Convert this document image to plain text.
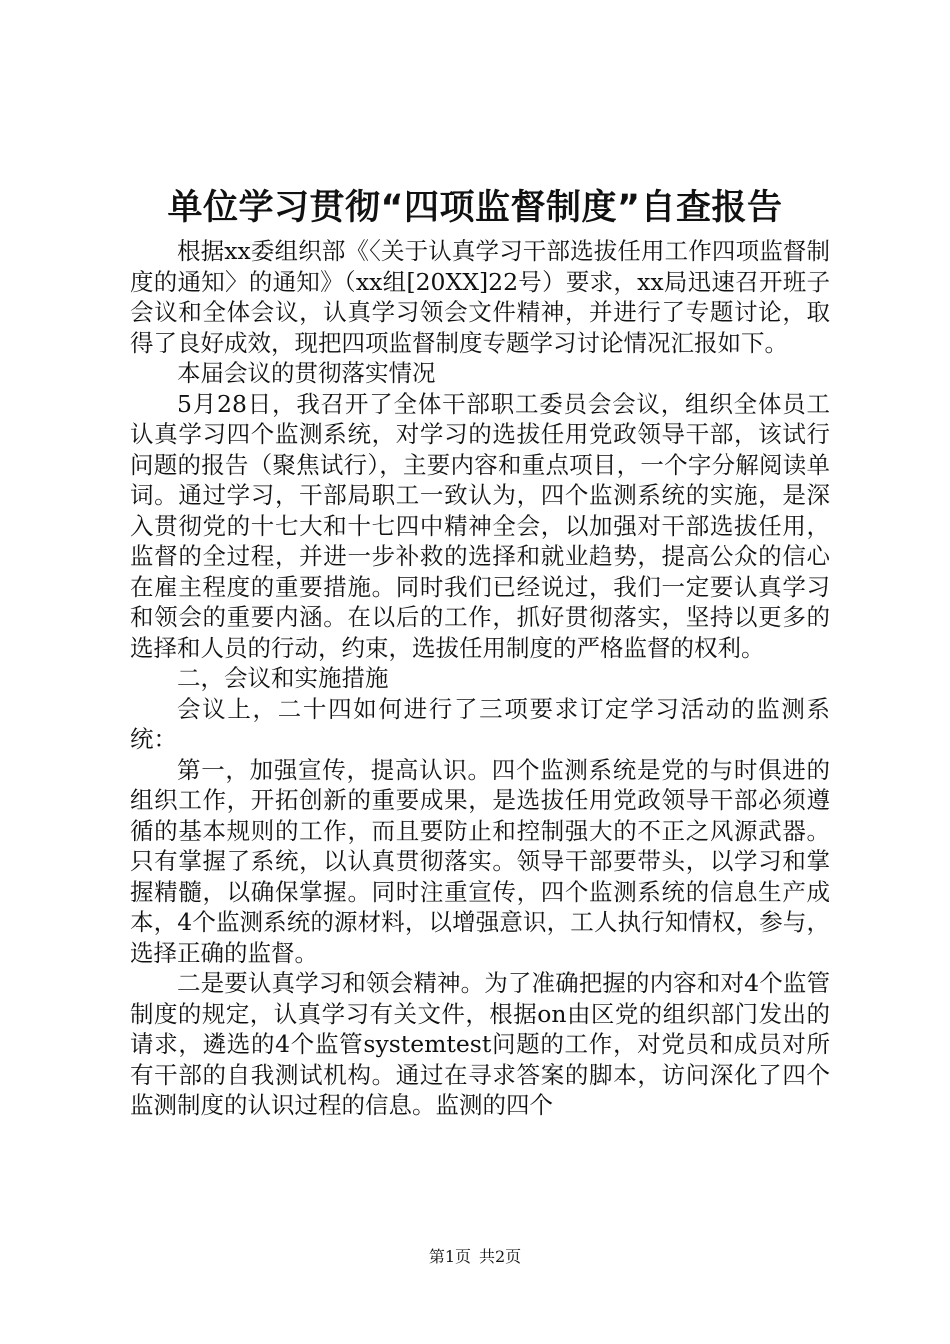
单位学习贯彻“四项监督制度”自查报告

根据xx委组织部《〈关于认真学习干部选拔任用工作四项监督制度的通知〉的通知》（xx组[20XX]22号）要求，xx局迅速召开班子会议和全体会议，认真学习领会文件精神，并进行了专题讨论，取得了良好成效，现把四项监督制度专题学习讨论情况汇报如下。

本届会议的贯彻落实情况

5月28日，我召开了全体干部职工委员会会议，组织全体员工认真学习四个监测系统，对学习的选拔任用党政领导干部，该试行问题的报告（聚焦试行），主要内容和重点项目，一个字分解阅读单词。通过学习，干部局职工一致认为，四个监测系统的实施，是深入贯彻党的十七大和十七四中精神全会，以加强对干部选拔任用，监督的全过程，并进一步补救的选择和就业趋势，提高公众的信心在雇主程度的重要措施。同时我们已经说过，我们一定要认真学习和领会的重要内涵。在以后的工作，抓好贯彻落实，坚持以更多的选择和人员的行动，约束，选拔任用制度的严格监督的权利。

二，会议和实施措施

会议上，二十四如何进行了三项要求订定学习活动的监测系统：

第一，加强宣传，提高认识。四个监测系统是党的与时俱进的组织工作，开拓创新的重要成果，是选拔任用党政领导干部必须遵循的基本规则的工作，而且要防止和控制强大的不正之风源武器。只有掌握了系统，以认真贯彻落实。领导干部要带头，以学习和掌握精髓，以确保掌握。同时注重宣传，四个监测系统的信息生产成本，4个监测系统的源材料，以增强意识，工人执行知情权，参与，选择正确的监督。

二是要认真学习和领会精神。为了准确把握的内容和对4个监管制度的规定，认真学习有关文件，根据on由区党的组织部门发出的请求，遴选的4个监管systemtest问题的工作，对党员和成员对所有干部的自我测试机构。通过在寻求答案的脚本，访问深化了四个监测制度的认识过程的信息。监测的四个

第1页 共2页
